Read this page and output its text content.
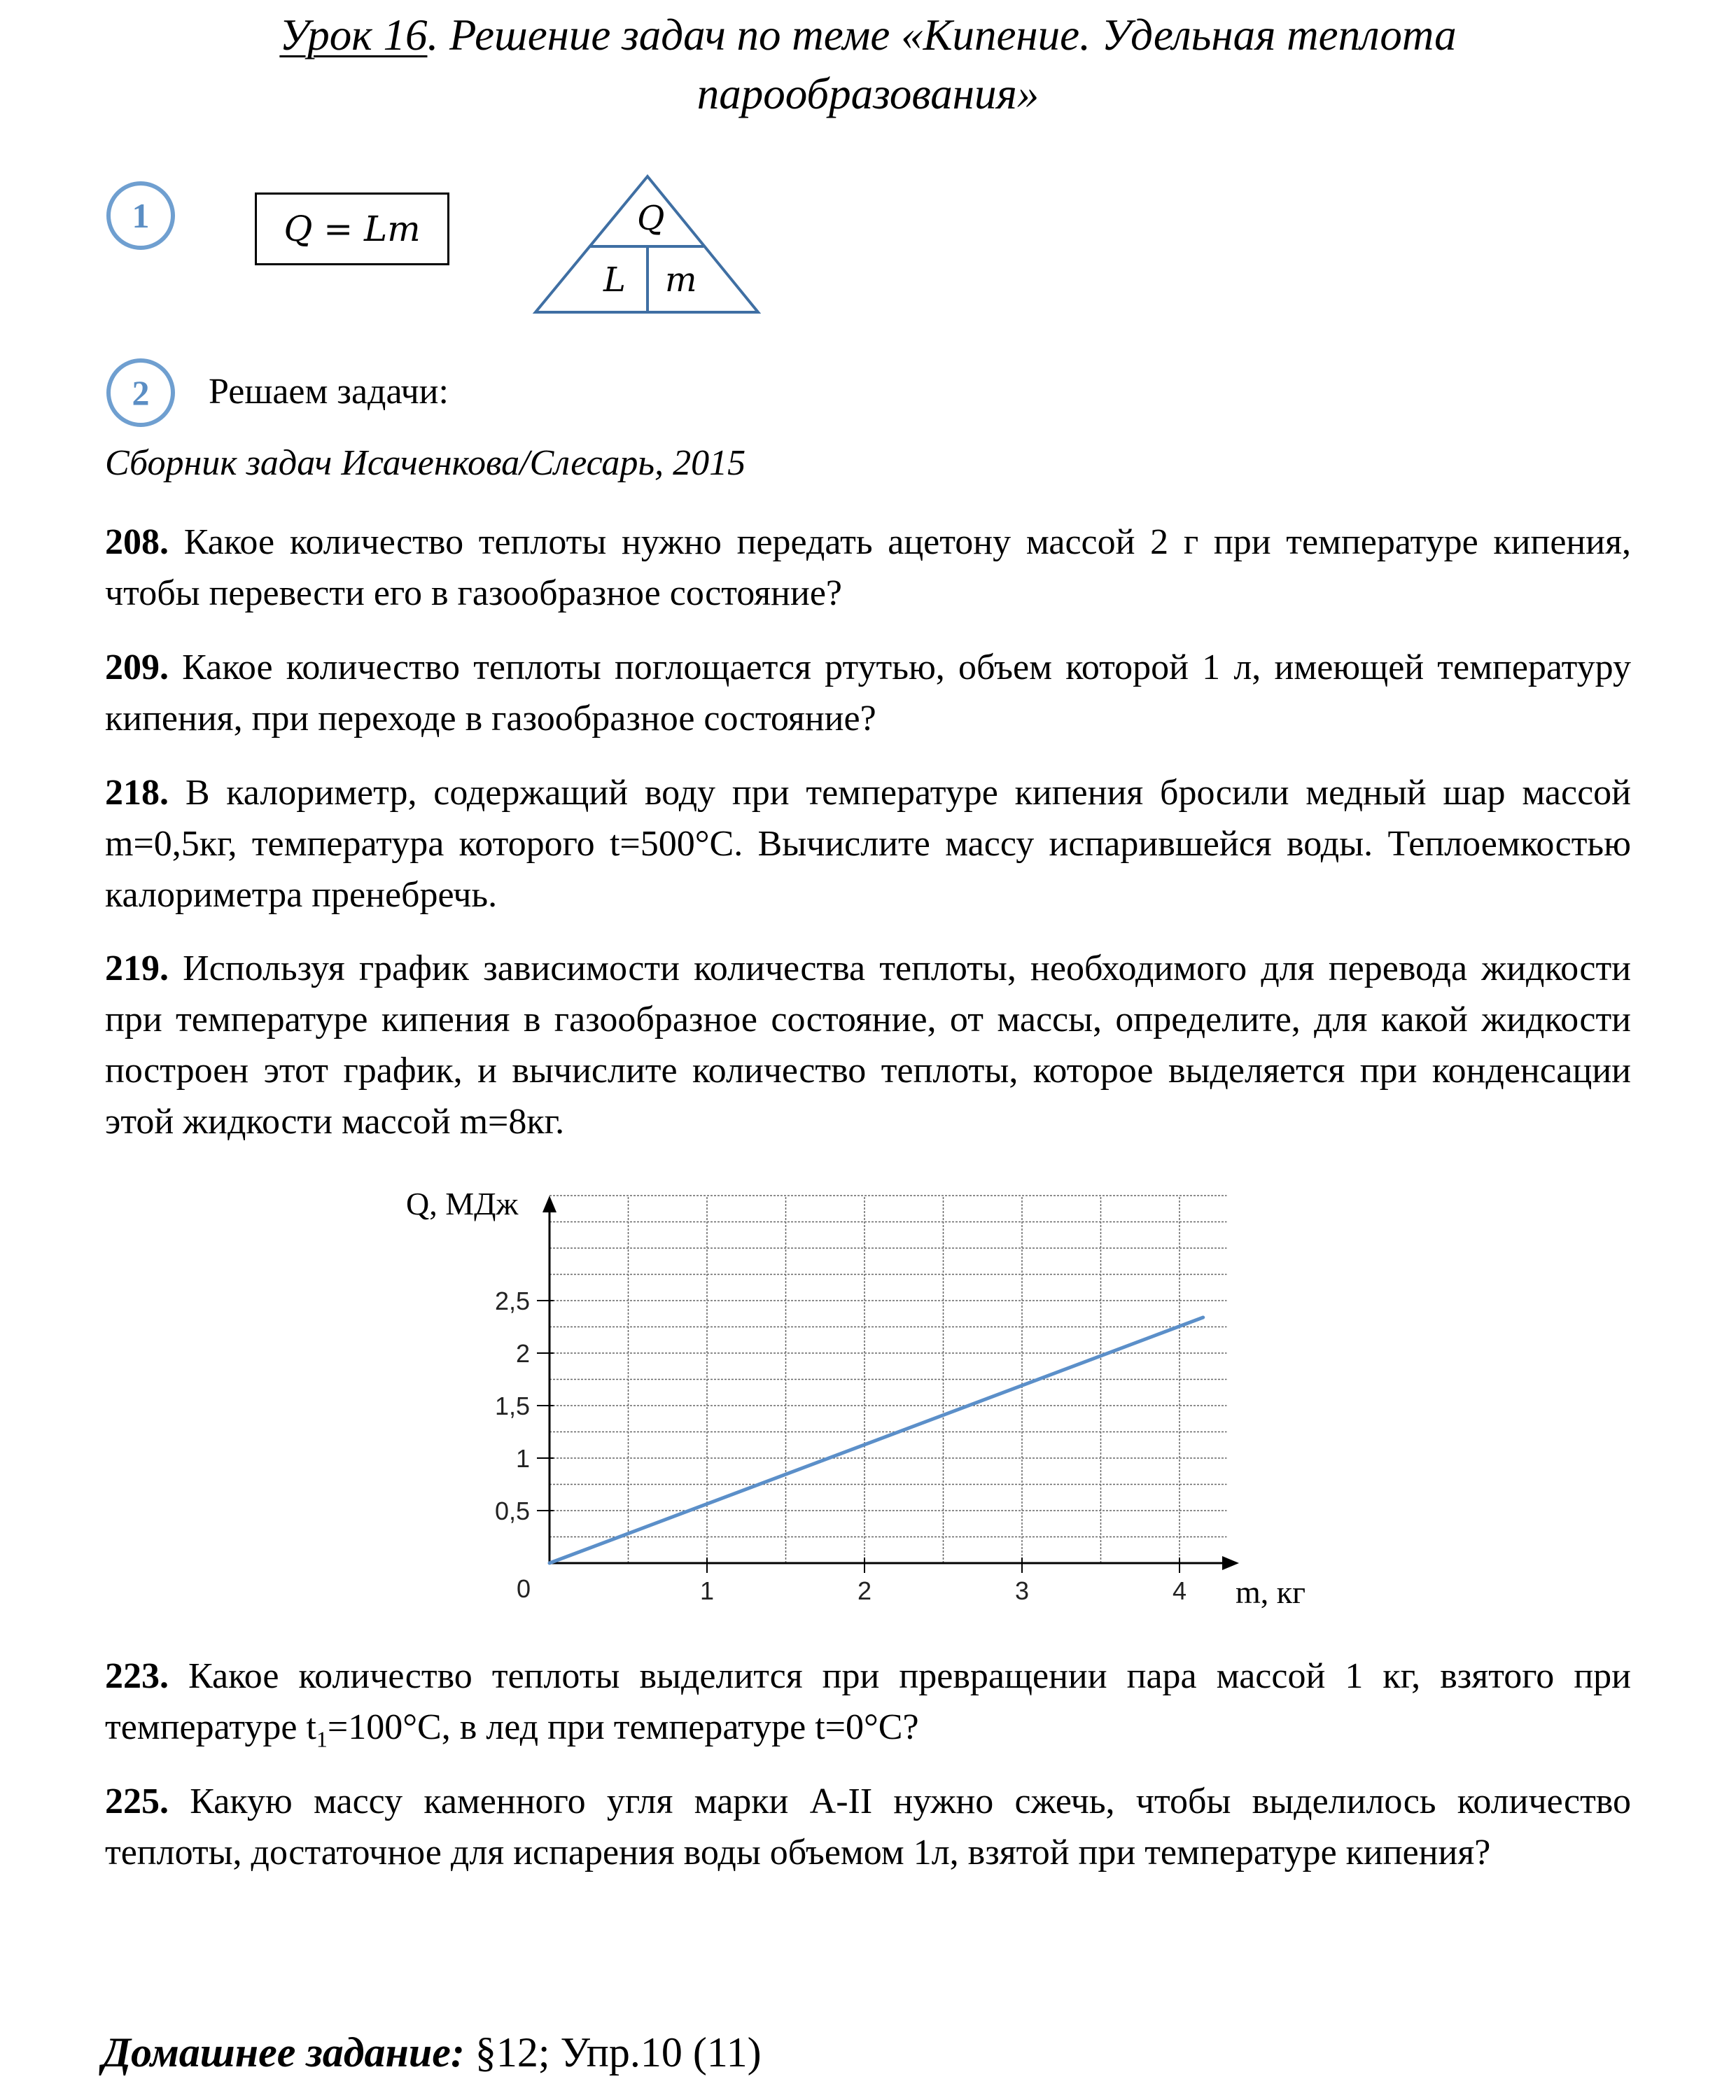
Урок 16. Решение задач по теме «Кипение. Удельная теплота
парообразования»
1	Q = Lm	Q
L m
2	Решаем задачи:
Сборник задач Исаченкова/Слесарь, 2015
208. Какое количество теплоты нужно передать ацетону массой 2 г при температуре кипения, чтобы перевести его в газообразное состояние?
209. Какое количество теплоты поглощается ртутью, объем которой 1 л, имеющей температуру кипения, при переходе в газообразное состояние?
218. В калориметр, содержащий воду при температуре кипения бросили медный шар массой m=0,5кг, температура которого t=500°С. Вычислите массу испарившейся воды. Теплоемкостью калориметра пренебречь.
219. Используя график зависимости количества теплоты, необходимого для перевода жидкости при температуре кипения в газообразное состояние, от массы, определите, для какой жидкости построен этот график, и вычислите количество теплоты, которое выделяется при конденсации этой жидкости массой m=8кг.
1	2	3	4
0,5
1
1,5
2
2,5
Q, МДж
m, кг
0
223. Какое количество теплоты выделится при превращении пара массой 1 кг, взятого при температуре $t_1=100^\circ С$, в лед при температуре t=0°С?
225. Какую массу каменного угля марки A-II нужно сжечь, чтобы выделилось количество теплоты, достаточное для испарения воды объемом 1л, взятой при температуре кипения?
Домашнее задание: §12; Упр.10 (11)
